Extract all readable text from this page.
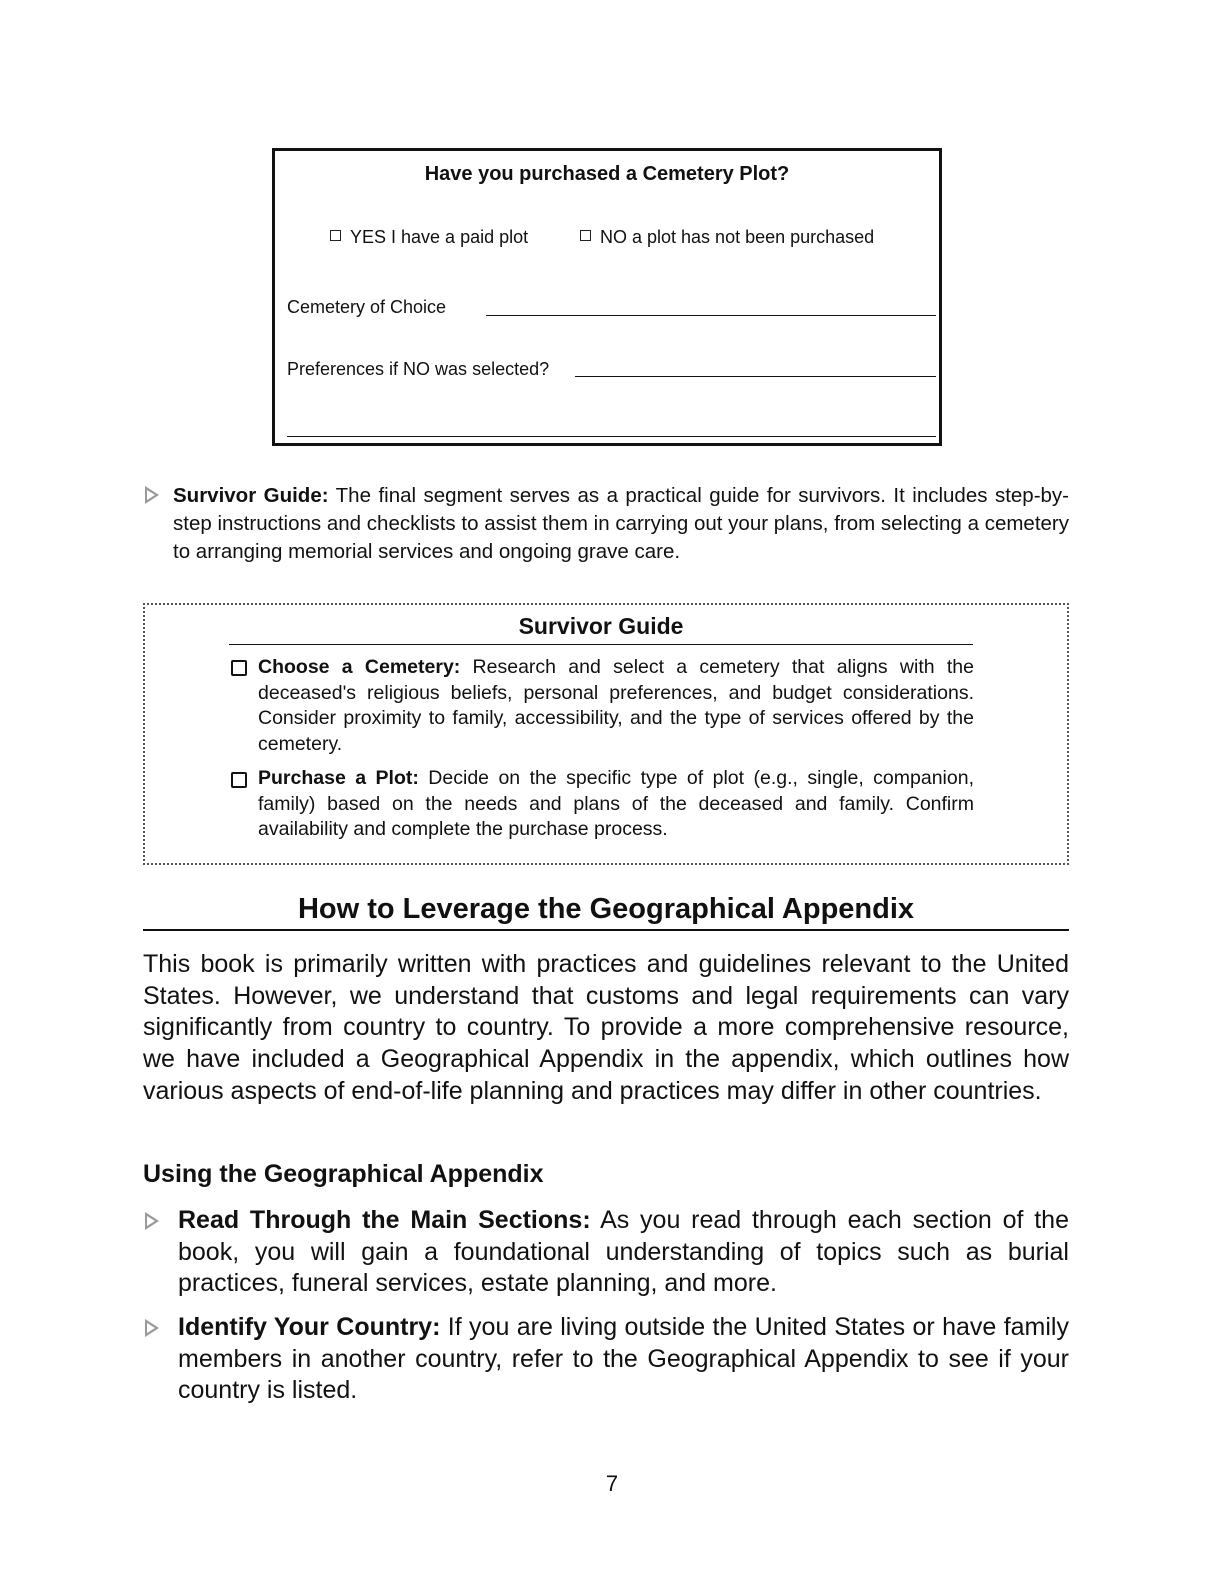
Have you purchased a Cemetery Plot?
YES I have a paid plot	NO a plot has not been purchased
Cemetery of Choice
Preferences if NO was selected?
Survivor Guide: The final segment serves as a practical guide for survivors. It includes step-by-step instructions and checklists to assist them in carrying out your plans, from selecting a cemetery to arranging memorial services and ongoing grave care.
Survivor Guide
Choose a Cemetery: Research and select a cemetery that aligns with the deceased's religious beliefs, personal preferences, and budget considerations. Consider proximity to family, accessibility, and the type of services offered by the cemetery.
Purchase a Plot: Decide on the specific type of plot (e.g., single, companion, family) based on the needs and plans of the deceased and family. Confirm availability and complete the purchase process.
How to Leverage the Geographical Appendix
This book is primarily written with practices and guidelines relevant to the United States. However, we understand that customs and legal requirements can vary significantly from country to country. To provide a more comprehensive resource, we have included a Geographical Appendix in the appendix, which outlines how various aspects of end-of-life planning and practices may differ in other countries.
Using the Geographical Appendix
Read Through the Main Sections: As you read through each section of the book, you will gain a foundational understanding of topics such as burial practices, funeral services, estate planning, and more.
Identify Your Country: If you are living outside the United States or have family members in another country, refer to the Geographical Appendix to see if your country is listed.
7
